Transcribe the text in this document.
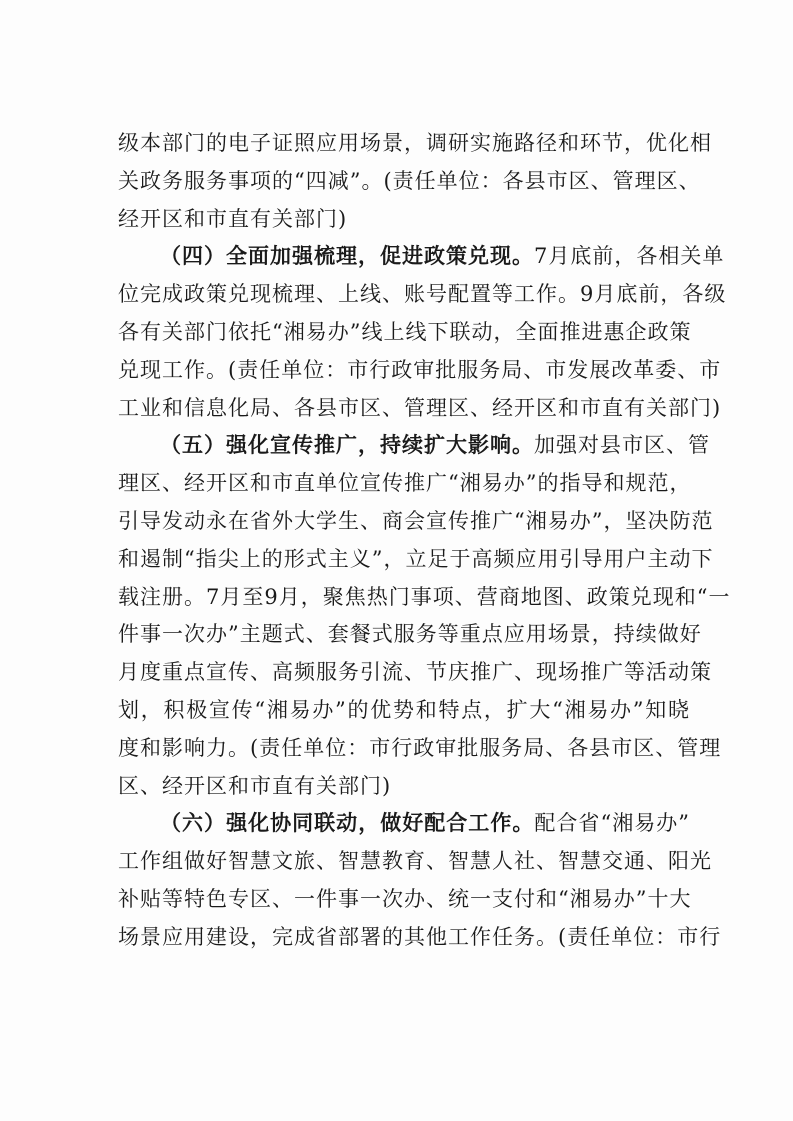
级本部门的电子证照应用场景，调研实施路径和环节，优化相
关政务服务事项的“四减”。(责任单位：各县市区、管理区、
经开区和市直有关部门)
（四）全面加强梳理，促进政策兑现。7月底前，各相关单
位完成政策兑现梳理、上线、账号配置等工作。9月底前，各级
各有关部门依托“湘易办”线上线下联动，全面推进惠企政策
兑现工作。(责任单位：市行政审批服务局、市发展改革委、市
工业和信息化局、各县市区、管理区、经开区和市直有关部门)
（五）强化宣传推广，持续扩大影响。加强对县市区、管
理区、经开区和市直单位宣传推广“湘易办”的指导和规范，
引导发动永在省外大学生、商会宣传推广“湘易办”，坚决防范
和遏制“指尖上的形式主义”，立足于高频应用引导用户主动下
载注册。7月至9月，聚焦热门事项、营商地图、政策兑现和“一
件事一次办”主题式、套餐式服务等重点应用场景，持续做好
月度重点宣传、高频服务引流、节庆推广、现场推广等活动策
划，积极宣传“湘易办”的优势和特点，扩大“湘易办”知晓
度和影响力。(责任单位：市行政审批服务局、各县市区、管理
区、经开区和市直有关部门)
（六）强化协同联动，做好配合工作。配合省“湘易办”
工作组做好智慧文旅、智慧教育、智慧人社、智慧交通、阳光
补贴等特色专区、一件事一次办、统一支付和“湘易办”十大
场景应用建设，完成省部署的其他工作任务。(责任单位：市行
